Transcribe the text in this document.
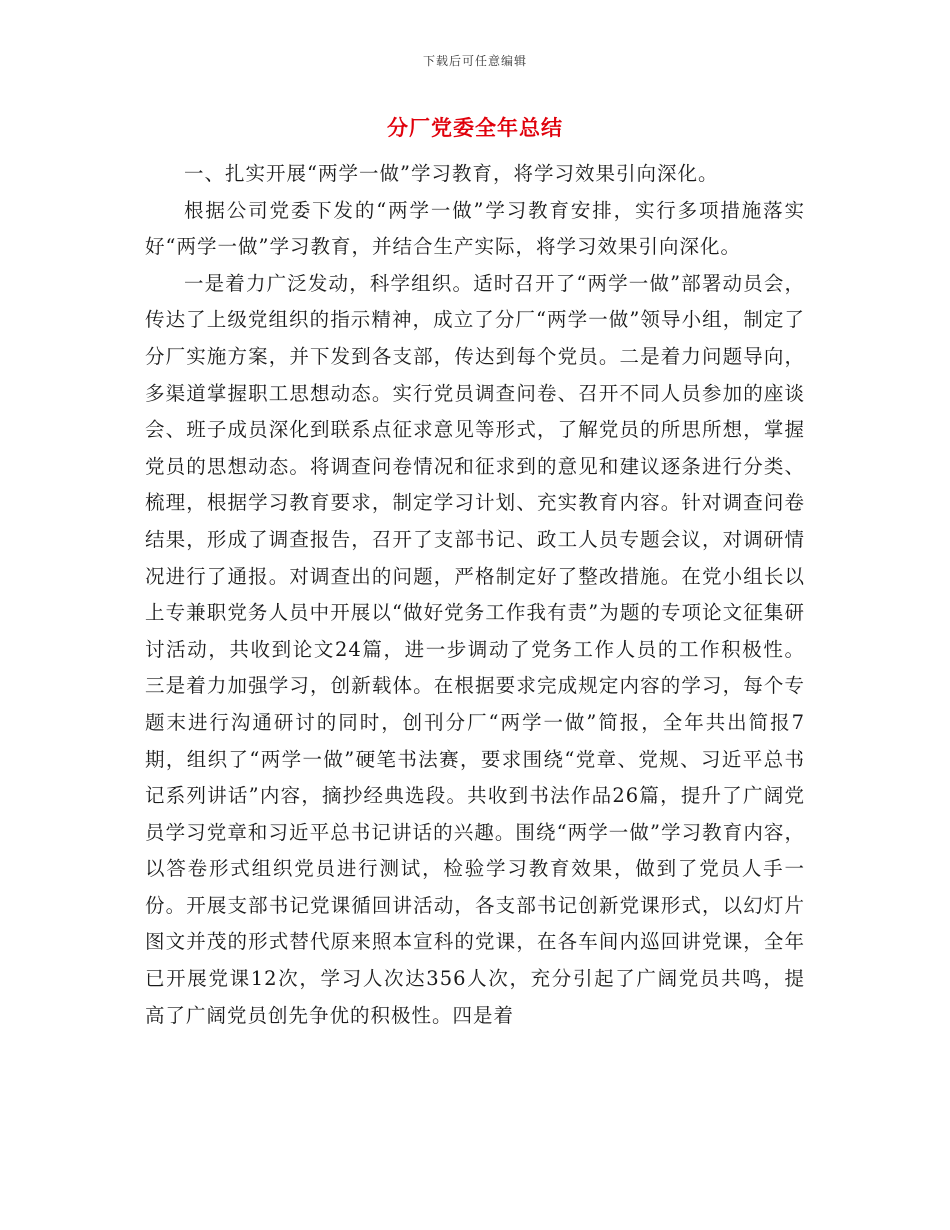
下载后可任意编辑
分厂党委全年总结

一、扎实开展“两学一做”学习教育，将学习效果引向深化。

根据公司党委下发的“两学一做”学习教育安排，实行多项措施落实好“两学一做”学习教育，并结合生产实际，将学习效果引向深化。

一是着力广泛发动，科学组织。适时召开了“两学一做”部署动员会，传达了上级党组织的指示精神，成立了分厂“两学一做”领导小组，制定了分厂实施方案，并下发到各支部，传达到每个党员。二是着力问题导向，多渠道掌握职工思想动态。实行党员调查问卷、召开不同人员参加的座谈会、班子成员深化到联系点征求意见等形式，了解党员的所思所想，掌握党员的思想动态。将调查问卷情况和征求到的意见和建议逐条进行分类、梳理，根据学习教育要求，制定学习计划、充实教育内容。针对调查问卷结果，形成了调查报告，召开了支部书记、政工人员专题会议，对调研情况进行了通报。对调查出的问题，严格制定好了整改措施。在党小组长以上专兼职党务人员中开展以“做好党务工作我有责”为题的专项论文征集研讨活动，共收到论文24篇，进一步调动了党务工作人员的工作积极性。三是着力加强学习，创新载体。在根据要求完成规定内容的学习，每个专题末进行沟通研讨的同时，创刊分厂“两学一做”简报，全年共出简报7期，组织了“两学一做”硬笔书法赛，要求围绕“党章、党规、习近平总书记系列讲话”内容，摘抄经典选段。共收到书法作品26篇，提升了广阔党员学习党章和习近平总书记讲话的兴趣。围绕“两学一做”学习教育内容，以答卷形式组织党员进行测试，检验学习教育效果，做到了党员人手一份。开展支部书记党课循回讲活动，各支部书记创新党课形式，以幻灯片图文并茂的形式替代原来照本宣科的党课，在各车间内巡回讲党课，全年已开展党课12次，学习人次达356人次，充分引起了广阔党员共鸣，提高了广阔党员创先争优的积极性。四是着
